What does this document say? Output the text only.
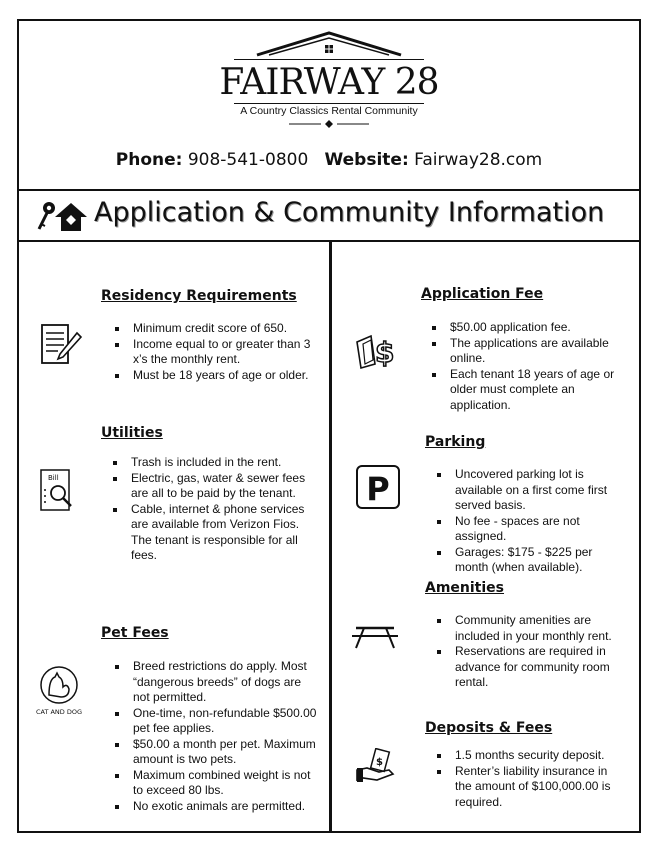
FAIRWAY 28
A Country Classics Rental Community
Phone: 908-541-0800 Website: Fairway28.com
Application & Community Information
Residency Requirements
Minimum credit score of 650.
Income equal to or greater than 3 x’s the monthly rent.
Must be 18 years of age or older.
Utilities
Bill
Trash is included in the rent.
Electric, gas, water & sewer fees are all to be paid by the tenant.
Cable, internet & phone services are available from Verizon Fios. The tenant is responsible for all fees.
Pet Fees
CAT AND DOG
Breed restrictions do apply. Most “dangerous breeds” of dogs are not permitted.
One-time, non-refundable $500.00 pet fee applies.
$50.00 a month per pet. Maximum amount is two pets.
Maximum combined weight is not to exceed 80 lbs.
No exotic animals are permitted.
Application Fee
$
$50.00 application fee.
The applications are available online.
Each tenant 18 years of age or older must complete an application.
Parking
P	Uncovered parking lot is available on a first come first served basis.
No fee - spaces are not assigned.
Garages: $175 - $225 per month (when available).
Amenities
Community amenities are included in your monthly rent.
Reservations are required in advance for community room rental.
Deposits & Fees
$
1.5 months security deposit.
Renter’s liability insurance in the amount of $100,000.00 is required.
